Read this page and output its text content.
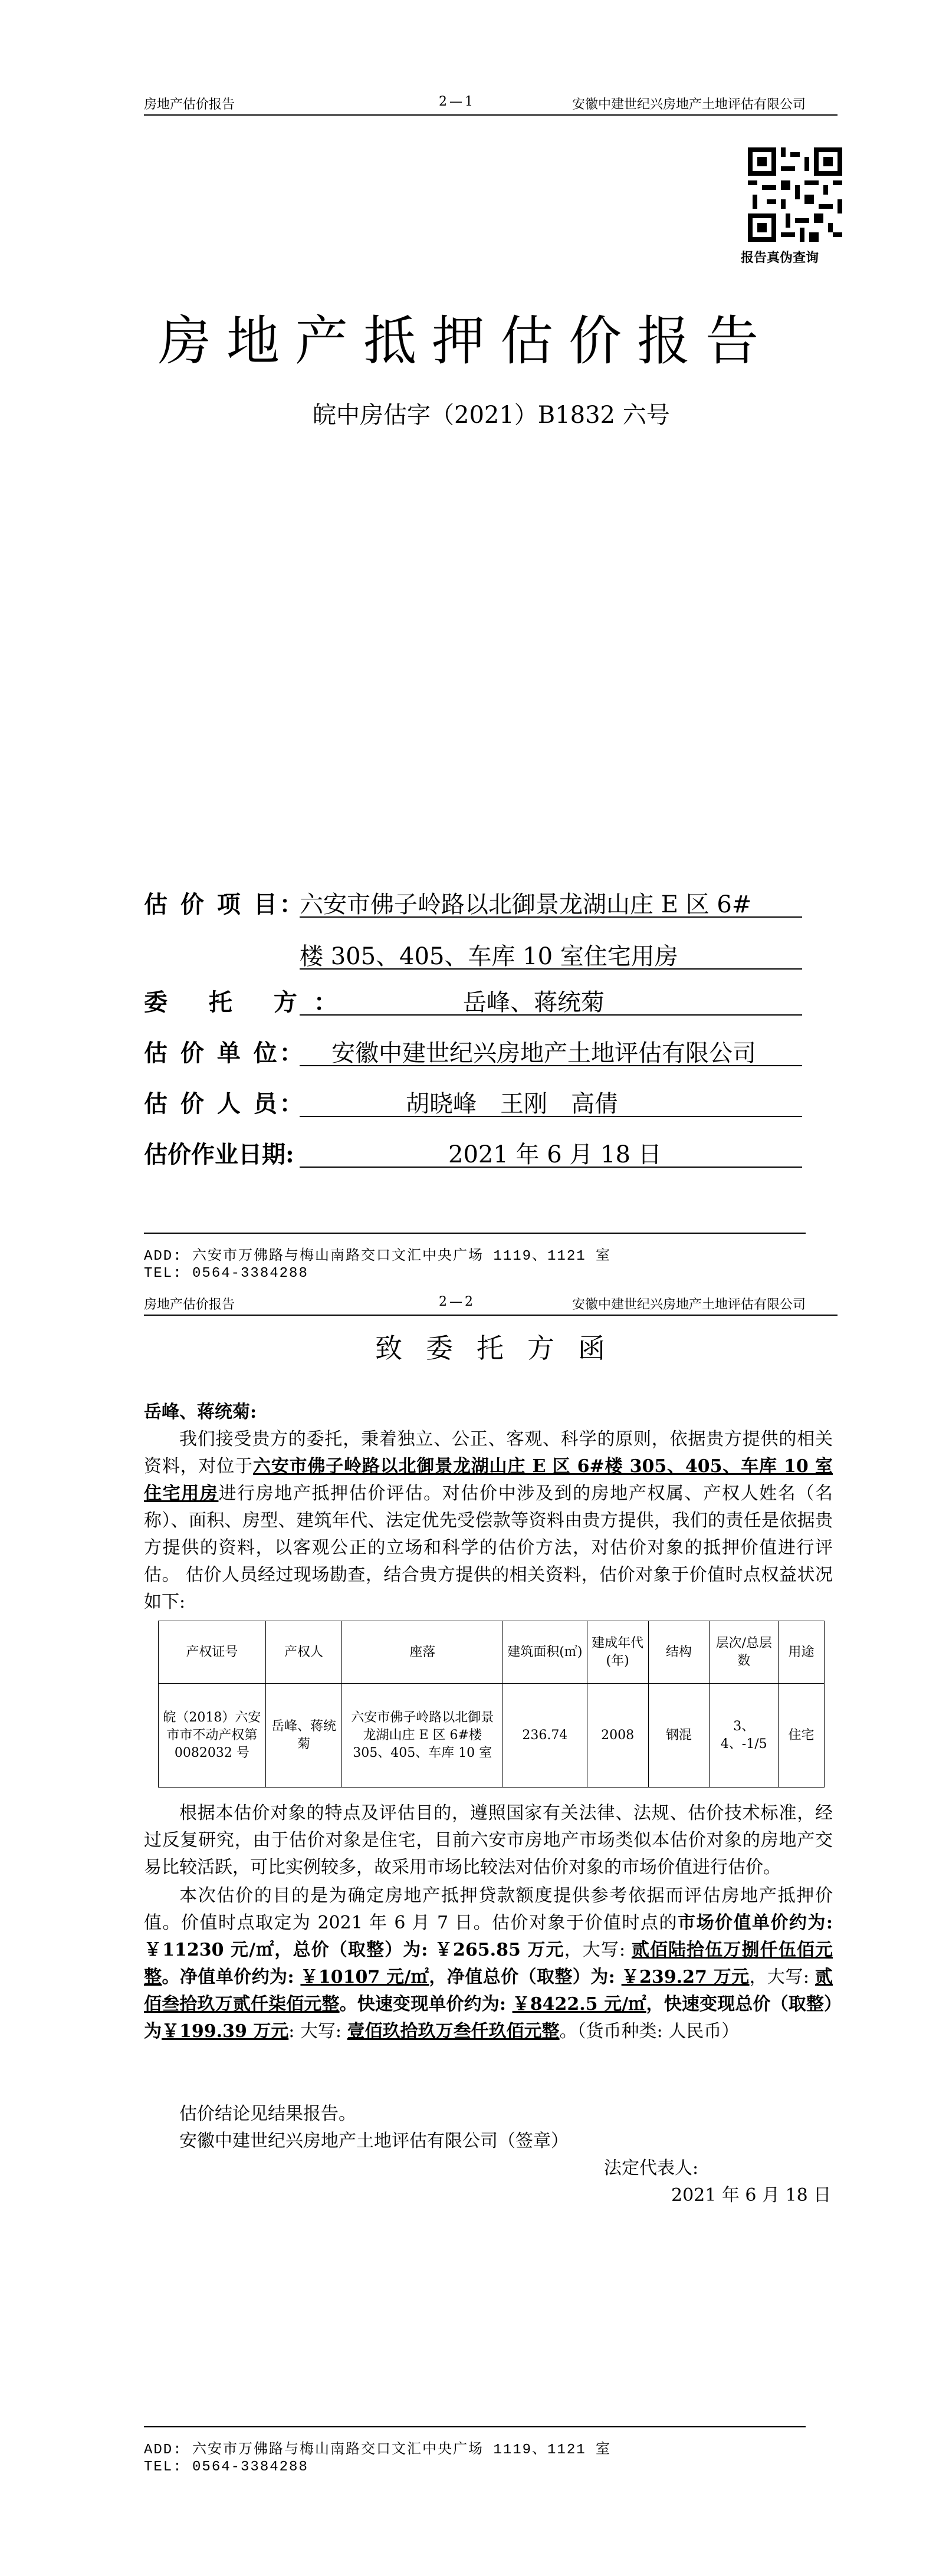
房地产估价报告	2—1	安徽中建世纪兴房地产土地评估有限公司
报告真伪查询
房地产抵押估价报告
皖中房估字（2021）B1832 六号
估 价 项 目：
六安市佛子岭路以北御景龙湖山庄 E 区 6#
楼 305、405、车库 10 室住宅用房
委 托 方：	岳峰、蒋统菊
估 价 单 位： 安徽中建世纪兴房地产土地评估有限公司
估 价 人 员：	胡晓峰　王刚　高倩
估价作业日期:	2021 年 6 月 18 日
ADD: 六安市万佛路与梅山南路交口文汇中央广场 1119、1121 室
TEL: 0564-3384288
房地产估价报告	2—2	安徽中建世纪兴房地产土地评估有限公司
致委托方函
岳峰、蒋统菊:
我们接受贵方的委托，秉着独立、公正、客观、科学的原则，依据贵方提供的相关资料，对位于六安市佛子岭路以北御景龙湖山庄 E 区 6#楼 305、405、车库 10 室住宅用房进行房地产抵押估价评估。对估价中涉及到的房地产权属、产权人姓名（名称）、面积、房型、建筑年代、法定优先受偿款等资料由贵方提供，我们的责任是依据贵方提供的资料，以客观公正的立场和科学的估价方法，对估价对象的抵押价值进行评估。 估价人员经过现场勘查，结合贵方提供的相关资料，估价对象于价值时点权益状况如下:
产权证号	产权人	座落	建筑面积(㎡)	建成年代(年)	结构	层次/总层数	用途
皖（2018）六安市市不动产权第 0082032 号	岳峰、蒋统菊	六安市佛子岭路以北御景龙湖山庄 E 区 6#楼 305、405、车库 10 室	236.74	2008	钢混	3、4、-1/5	住宅
根据本估价对象的特点及评估目的，遵照国家有关法律、法规、估价技术标准，经过反复研究，由于估价对象是住宅，目前六安市房地产市场类似本估价对象的房地产交易比较活跃，可比实例较多，故采用市场比较法对估价对象的市场价值进行估价。
本次估价的目的是为确定房地产抵押贷款额度提供参考依据而评估房地产抵押价值。价值时点取定为 2021 年 6 月 7 日。估价对象于价值时点的市场价值单价约为: ￥11230 元/㎡，总价（取整）为: ￥265.85 万元，大写: 贰佰陆拾伍万捌仟伍佰元整。净值单价约为: ￥10107 元/㎡，净值总价（取整）为: ￥239.27 万元，大写: 贰佰叁拾玖万贰仟柒佰元整。快速变现单价约为: ￥8422.5 元/㎡，快速变现总价（取整）为￥199.39 万元: 大写: 壹佰玖拾玖万叁仟玖佰元整。（货币种类: 人民币）
估价结论见结果报告。
安徽中建世纪兴房地产土地评估有限公司（签章）
法定代表人:
2021 年 6 月 18 日
ADD: 六安市万佛路与梅山南路交口文汇中央广场 1119、1121 室
TEL: 0564-3384288
